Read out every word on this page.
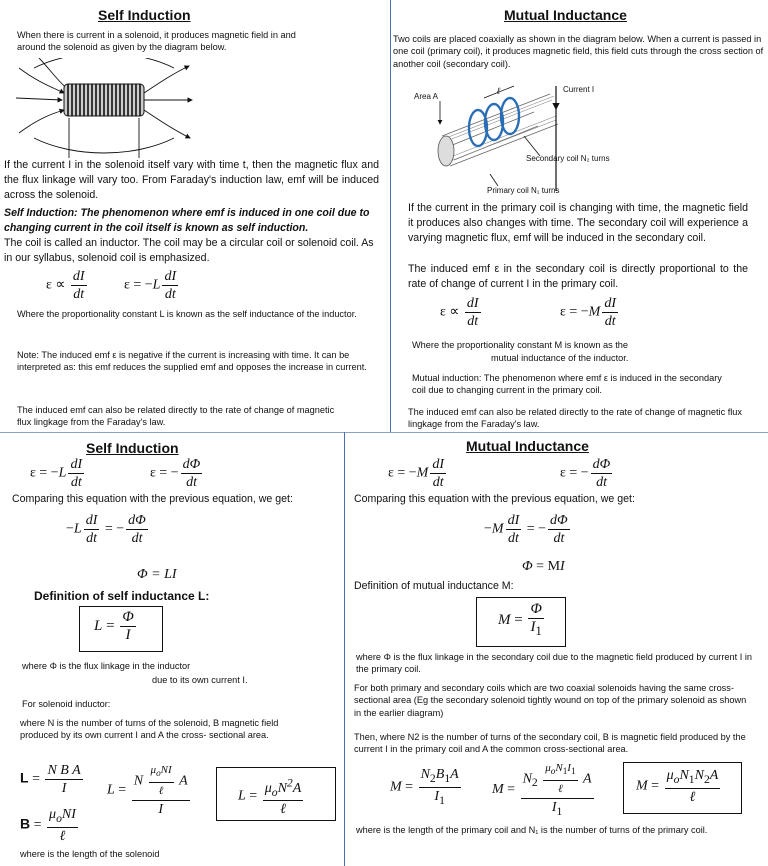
Self Induction
When there is current in a solenoid, it produces magnetic field in and around the solenoid as given by the diagram below.
If the current I in the solenoid itself vary with time t, then the magnetic flux and the flux linkage will vary too. From Faraday's induction law, emf will be induced across the solenoid.
Self Induction: The phenomenon where emf is induced in one coil due to changing current in the coil itself is known as self induction.
The coil is called an inductor. The coil may be a circular coil or solenoid coil. As in our syllabus, solenoid coil is emphasized.
$\varepsilon \propto \frac{dI}{dt}$	$\varepsilon = -L \frac{dI}{dt}$
Where the proportionality constant L is known as the self inductance of the inductor.
Note: The induced emf ε is negative if the current is increasing with time. It can be interpreted as: this emf reduces the supplied emf and opposes the increase in current.
The induced emf can also be related directly to the rate of change of magnetic flux lingkage from the Faraday's law.
Mutual Inductance
Two coils are placed coaxially as shown in the diagram below. When a current is passed in one coil (primary coil), it produces magnetic field, this field cuts through the cross section of another coil (secondary coil).
Area A
ℓ	Current I
Secondary coil N₂ turns
Primary coil N₁ turns
If the current in the primary coil is changing with time, the magnetic field it produces also changes with time. The secondary coil will experience a varying magnetic flux, emf will be induced in the secondary coil.
The induced emf ε in the secondary coil is directly proportional to the rate of change of current I in the primary coil.
$\varepsilon \propto \frac{dI}{dt}$	$\varepsilon = -M \frac{dI}{dt}$
Where the proportionality constant M is known as the
mutual inductance of the inductor.
Mutual induction: The phenomenon where emf ε is induced in the secondary coil due to changing current in the primary coil.
The induced emf can also be related directly to the rate of change of magnetic flux lingkage from the Faraday's law.
Self Induction
$\varepsilon = -L \frac{dI}{dt}$	ε = − $\frac{d\Phi}{dt}$
Comparing this equation with the previous equation, we get:
$-L \frac{dI}{dt}$ = − $\frac{d\Phi}{dt}$
Φ = LI
Definition of self inductance L:
$L = \frac{\Phi}{I}$
where Φ is the flux linkage in the inductor
due to its own current I.
For solenoid inductor:
where N is the number of turns of the solenoid, B magnetic field produced by its own current I and A the cross- sectional area.
$L = \frac{\text{N B A}}{I}$
$B = \frac{\mu_oNI}{\text{ℓ}}$
$L = \frac{N \frac{\mu_oNI}{\text{ℓ}} A}{I}$	$L = \frac{\mu_oN^2A}{\text{ℓ}}$
where is the length of the solenoid
Mutual Inductance
$\varepsilon = -M \frac{dI}{dt}$	ε = − $\frac{d\Phi}{dt}$
Comparing this equation with the previous equation, we get:
$-M \frac{dI}{dt}$ = − $\frac{d\Phi}{dt}$
Φ = MI
Definition of mutual inductance M:
$M = \frac{\Phi}{I_1}$
where Φ is the flux linkage in the secondary coil due to the magnetic field produced by current I in the primary coil.
For both primary and secondary coils which are two coaxial solenoids having the same cross-sectional area (Eg the secondary solenoid tightly wound on top of the primary solenoid as shown in the earlier diagram)
Then, where N2 is the number of turns of the secondary coil, B is magnetic field produced by the current I in the primary coil and A the common cross-sectional area.
$M = \frac{N_2B_1A}{I_1}$ $M = \frac{N_2 \frac{\mu_oN_1I_1}{\text{ℓ}} A}{I_1}$	$M = \frac{\mu_oN_1N_2A}{\text{ℓ}}$
where is the length of the primary coil and N₁ is the number of turns of the primary coil.
